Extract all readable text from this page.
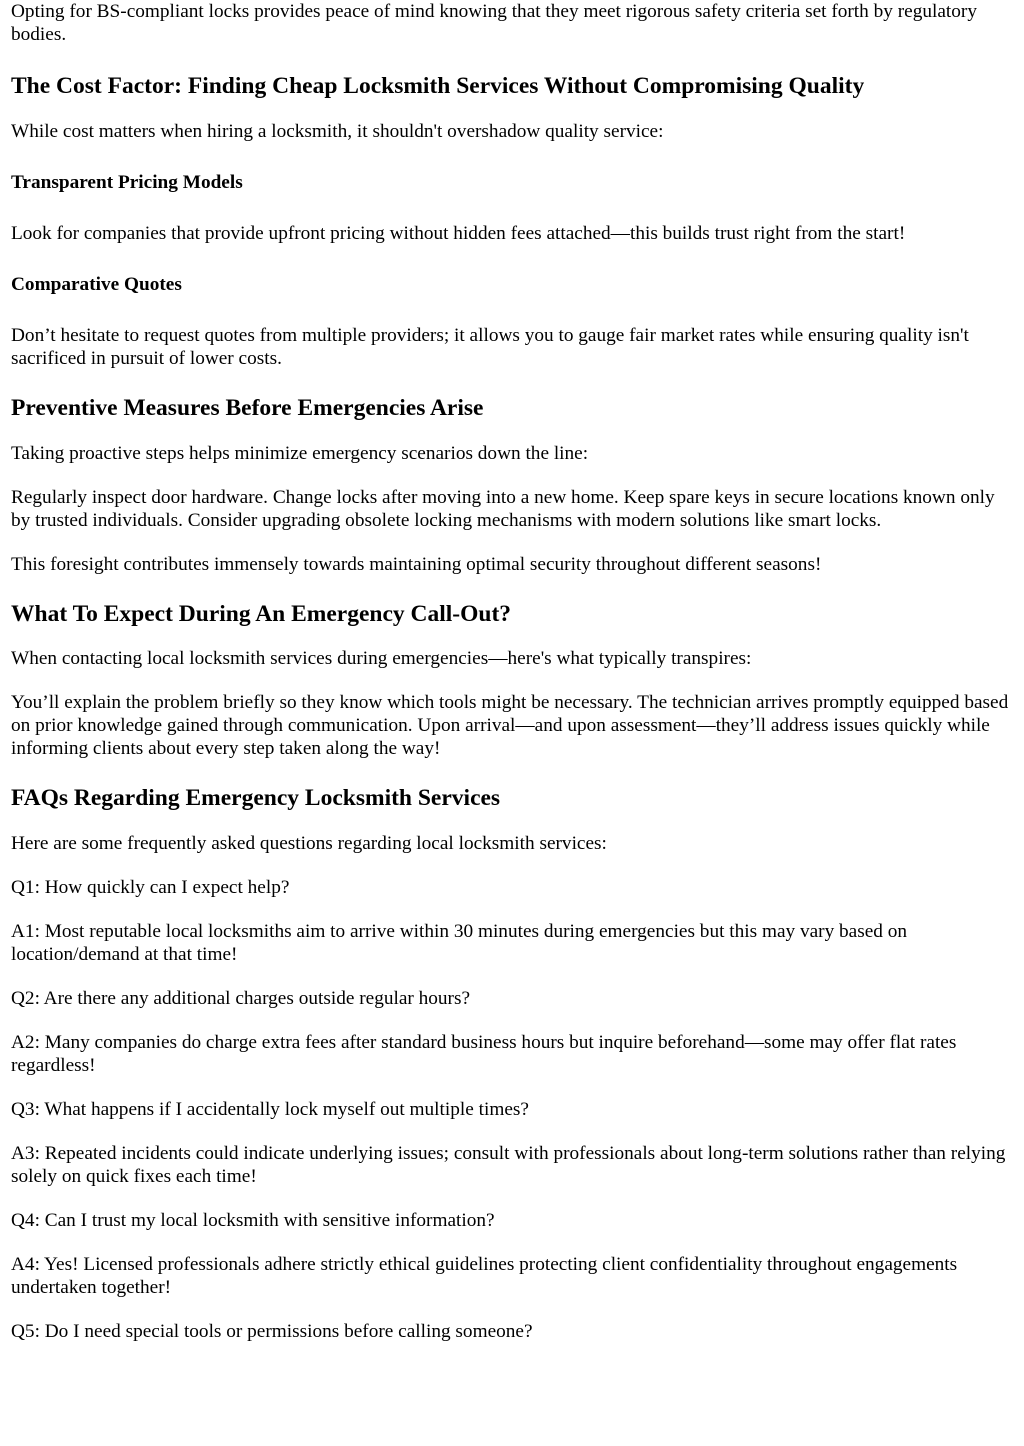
Opting for BS-compliant locks provides peace of mind knowing that they meet rigorous safety criteria set forth by regulatory bodies.

The Cost Factor: Finding Cheap Locksmith Services Without Compromising Quality

While cost matters when hiring a locksmith, it shouldn't overshadow quality service:

Transparent Pricing Models

Look for companies that provide upfront pricing without hidden fees attached—this builds trust right from the start!

Comparative Quotes

Don’t hesitate to request quotes from multiple providers; it allows you to gauge fair market rates while ensuring quality isn't sacrificed in pursuit of lower costs.

Preventive Measures Before Emergencies Arise

Taking proactive steps helps minimize emergency scenarios down the line:

Regularly inspect door hardware. Change locks after moving into a new home. Keep spare keys in secure locations known only by trusted individuals. Consider upgrading obsolete locking mechanisms with modern solutions like smart locks.

This foresight contributes immensely towards maintaining optimal security throughout different seasons!

What To Expect During An Emergency Call-Out?

When contacting local locksmith services during emergencies—here's what typically transpires:

You’ll explain the problem briefly so they know which tools might be necessary. The technician arrives promptly equipped based on prior knowledge gained through communication. Upon arrival—and upon assessment—they’ll address issues quickly while informing clients about every step taken along the way!

FAQs Regarding Emergency Locksmith Services

Here are some frequently asked questions regarding local locksmith services:

Q1: How quickly can I expect help?

A1: Most reputable local locksmiths aim to arrive within 30 minutes during emergencies but this may vary based on location/demand at that time!

Q2: Are there any additional charges outside regular hours?

A2: Many companies do charge extra fees after standard business hours but inquire beforehand—some may offer flat rates regardless!

Q3: What happens if I accidentally lock myself out multiple times?

A3: Repeated incidents could indicate underlying issues; consult with professionals about long-term solutions rather than relying solely on quick fixes each time!

Q4: Can I trust my local locksmith with sensitive information?

A4: Yes! Licensed professionals adhere strictly ethical guidelines protecting client confidentiality throughout engagements undertaken together!

Q5: Do I need special tools or permissions before calling someone?
